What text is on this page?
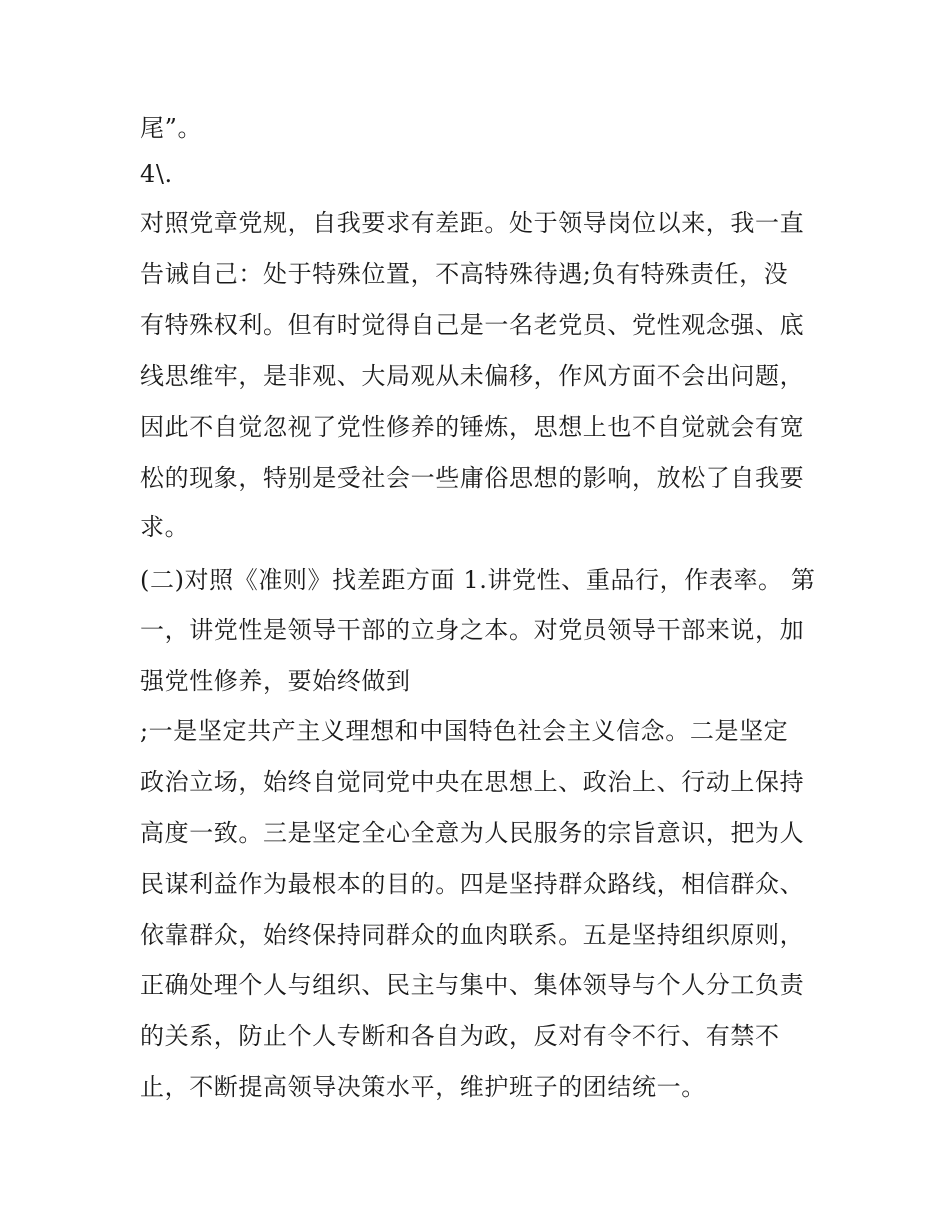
尾”。
4\.
对照党章党规，自我要求有差距。处于领导岗位以来，我一直
告诫自己：处于特殊位置，不高特殊待遇;负有特殊责任，没
有特殊权利。但有时觉得自己是一名老党员、党性观念强、底
线思维牢，是非观、大局观从未偏移，作风方面不会出问题，
因此不自觉忽视了党性修养的锤炼，思想上也不自觉就会有宽
松的现象，特别是受社会一些庸俗思想的影响，放松了自我要
求。
(二)对照《准则》找差距方面 1.讲党性、重品行，作表率。 第
一，讲党性是领导干部的立身之本。对党员领导干部来说，加
强党性修养，要始终做到
;一是坚定共产主义理想和中国特色社会主义信念。二是坚定
政治立场，始终自觉同党中央在思想上、政治上、行动上保持
高度一致。三是坚定全心全意为人民服务的宗旨意识，把为人
民谋利益作为最根本的目的。四是坚持群众路线，相信群众、
依靠群众，始终保持同群众的血肉联系。五是坚持组织原则，
正确处理个人与组织、民主与集中、集体领导与个人分工负责
的关系，防止个人专断和各自为政，反对有令不行、有禁不
止，不断提高领导决策水平，维护班子的团结统一。
